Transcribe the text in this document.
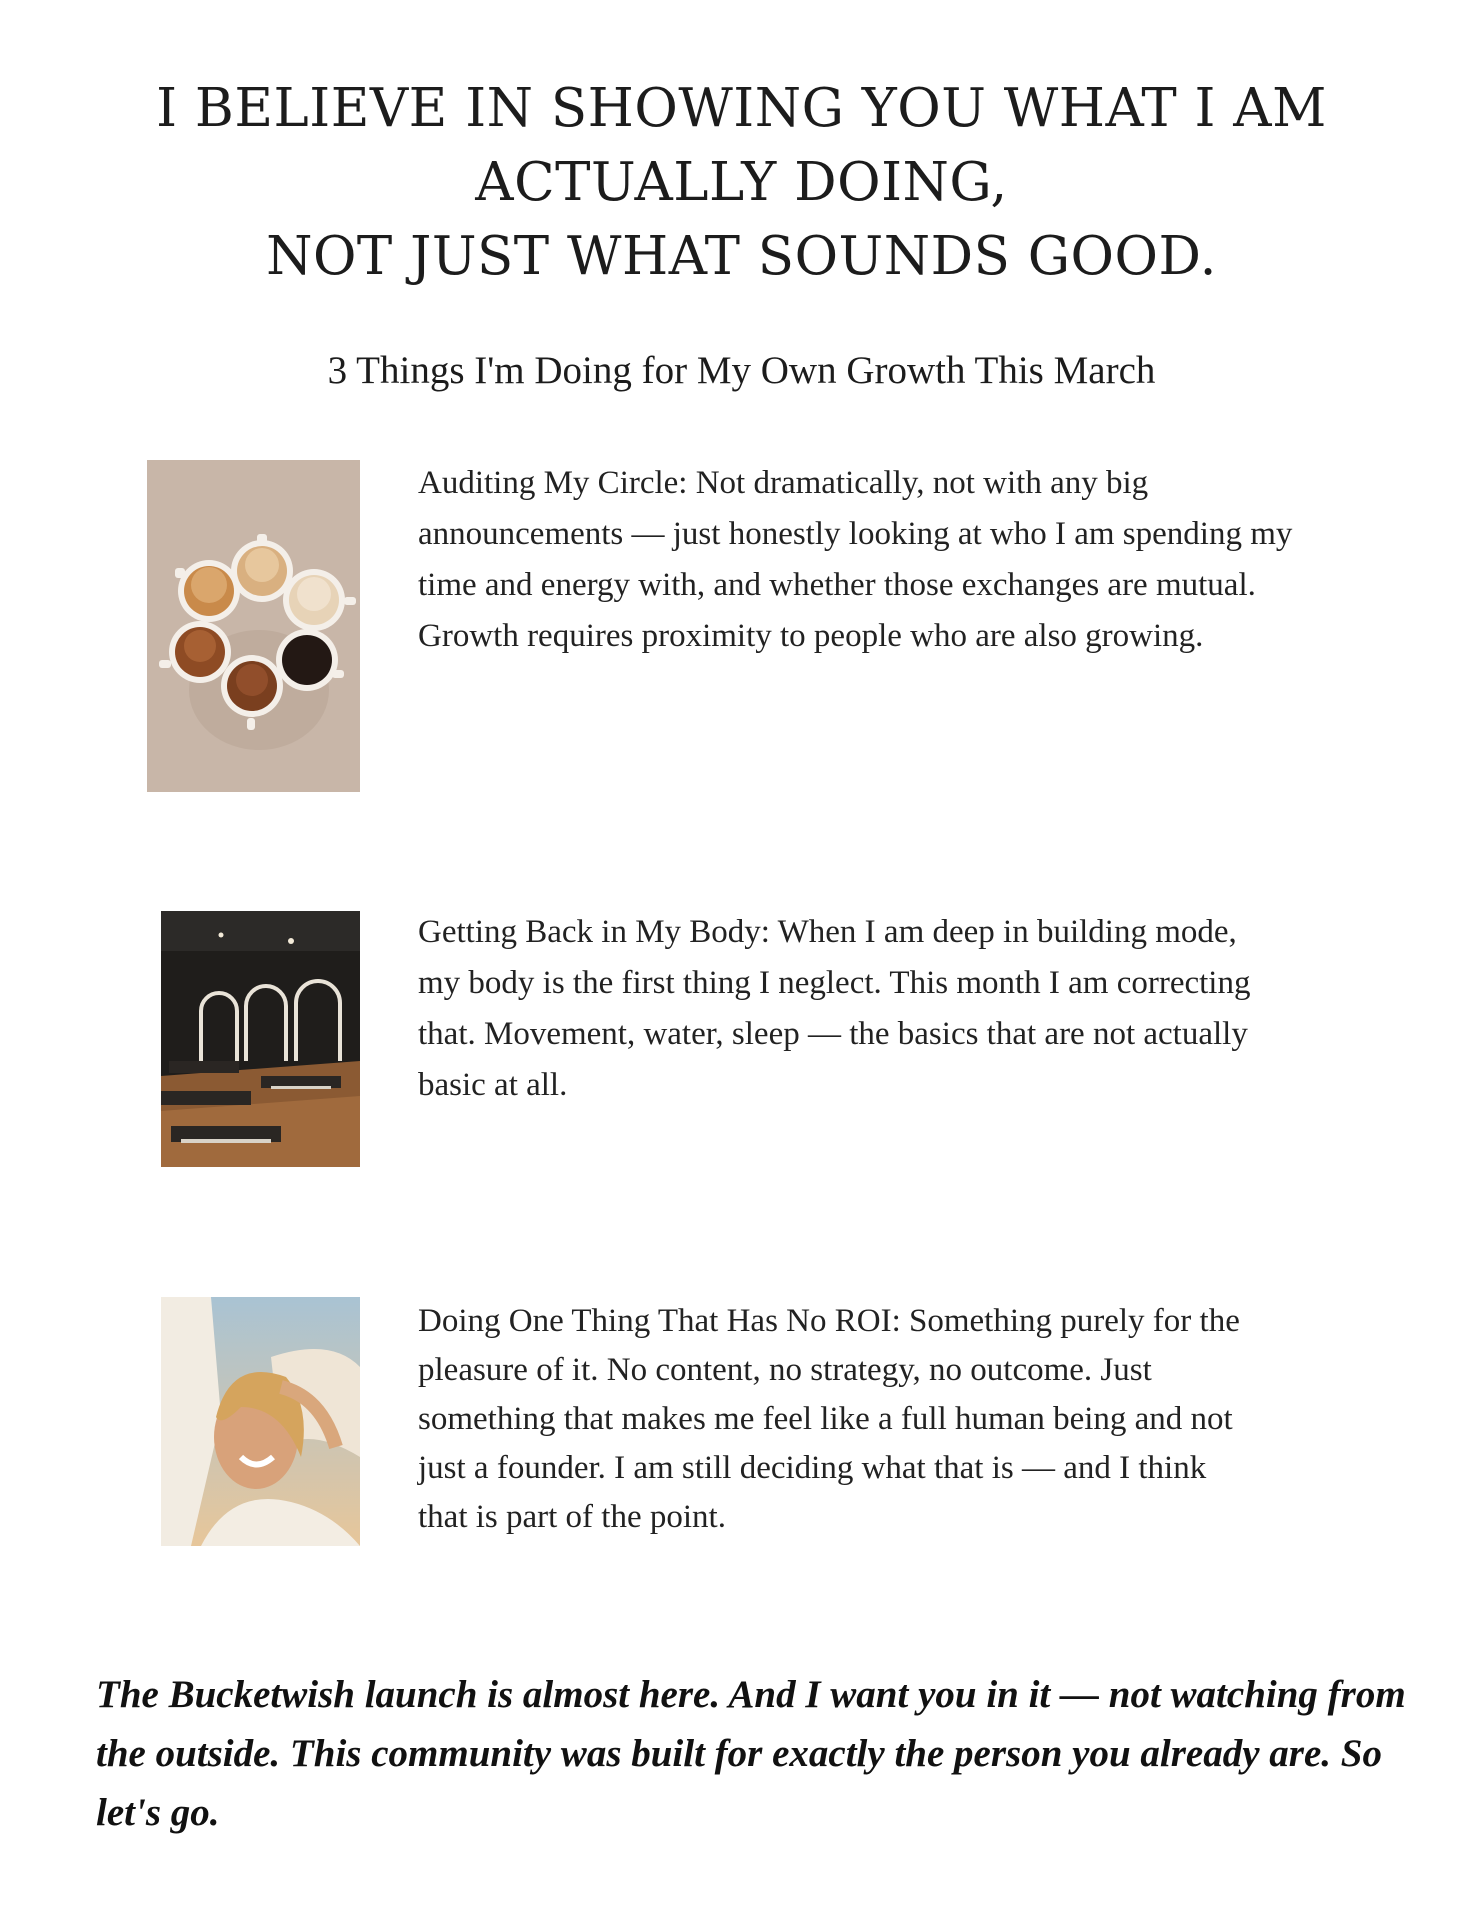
I BELIEVE IN SHOWING YOU WHAT I AM
ACTUALLY DOING,
NOT JUST WHAT SOUNDS GOOD.
3 Things I'm Doing for My Own Growth This March

Auditing My Circle: Not dramatically, not with any big announcements — just honestly looking at who I am spending my time and energy with, and whether those exchanges are mutual. Growth requires proximity to people who are also growing.

Getting Back in My Body: When I am deep in building mode, my body is the first thing I neglect. This month I am correcting that. Movement, water, sleep — the basics that are not actually basic at all.

Doing One Thing That Has No ROI: Something purely for the pleasure of it. No content, no strategy, no outcome. Just something that makes me feel like a full human being and not just a founder. I am still deciding what that is — and I think that is part of the point.

The Bucketwish launch is almost here. And I want you in it — not watching from the outside. This community was built for exactly the person you already are. So let's go.
